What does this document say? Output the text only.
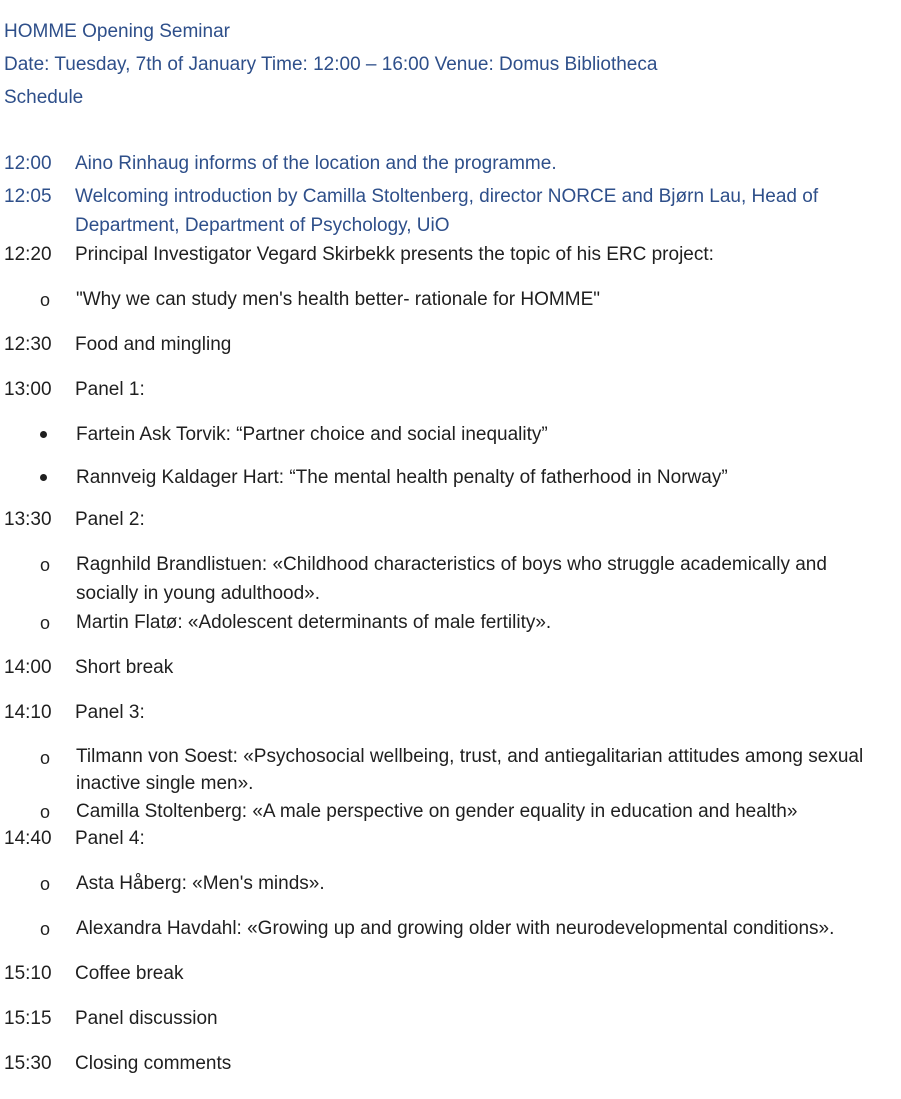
HOMME Opening Seminar
Date: Tuesday, 7th of January Time: 12:00 – 16:00 Venue: Domus Bibliotheca
Schedule
12:00 Aino Rinhaug informs of the location and the programme.
12:05 Welcoming introduction by Camilla Stoltenberg, director NORCE and Bjørn Lau, Head of Department, Department of Psychology, UiO
12:20 Principal Investigator Vegard Skirbekk presents the topic of his ERC project:
o "Why we can study men's health better- rationale for HOMME"
12:30 Food and mingling
13:00 Panel 1:
Fartein Ask Torvik: “Partner choice and social inequality”
Rannveig Kaldager Hart: “The mental health penalty of fatherhood in Norway”
13:30 Panel 2:
o Ragnhild Brandlistuen: «Childhood characteristics of boys who struggle academically and socially in young adulthood».
o Martin Flatø: «Adolescent determinants of male fertility».
14:00 Short break
14:10 Panel 3:
o Tilmann von Soest: «Psychosocial wellbeing, trust, and antiegalitarian attitudes among sexual inactive single men».
o Camilla Stoltenberg: «A male perspective on gender equality in education and health»
14:40 Panel 4:
o Asta Håberg: «Men's minds».
o Alexandra Havdahl: «Growing up and growing older with neurodevelopmental conditions».
15:10 Coffee break
15:15 Panel discussion
15:30 Closing comments
